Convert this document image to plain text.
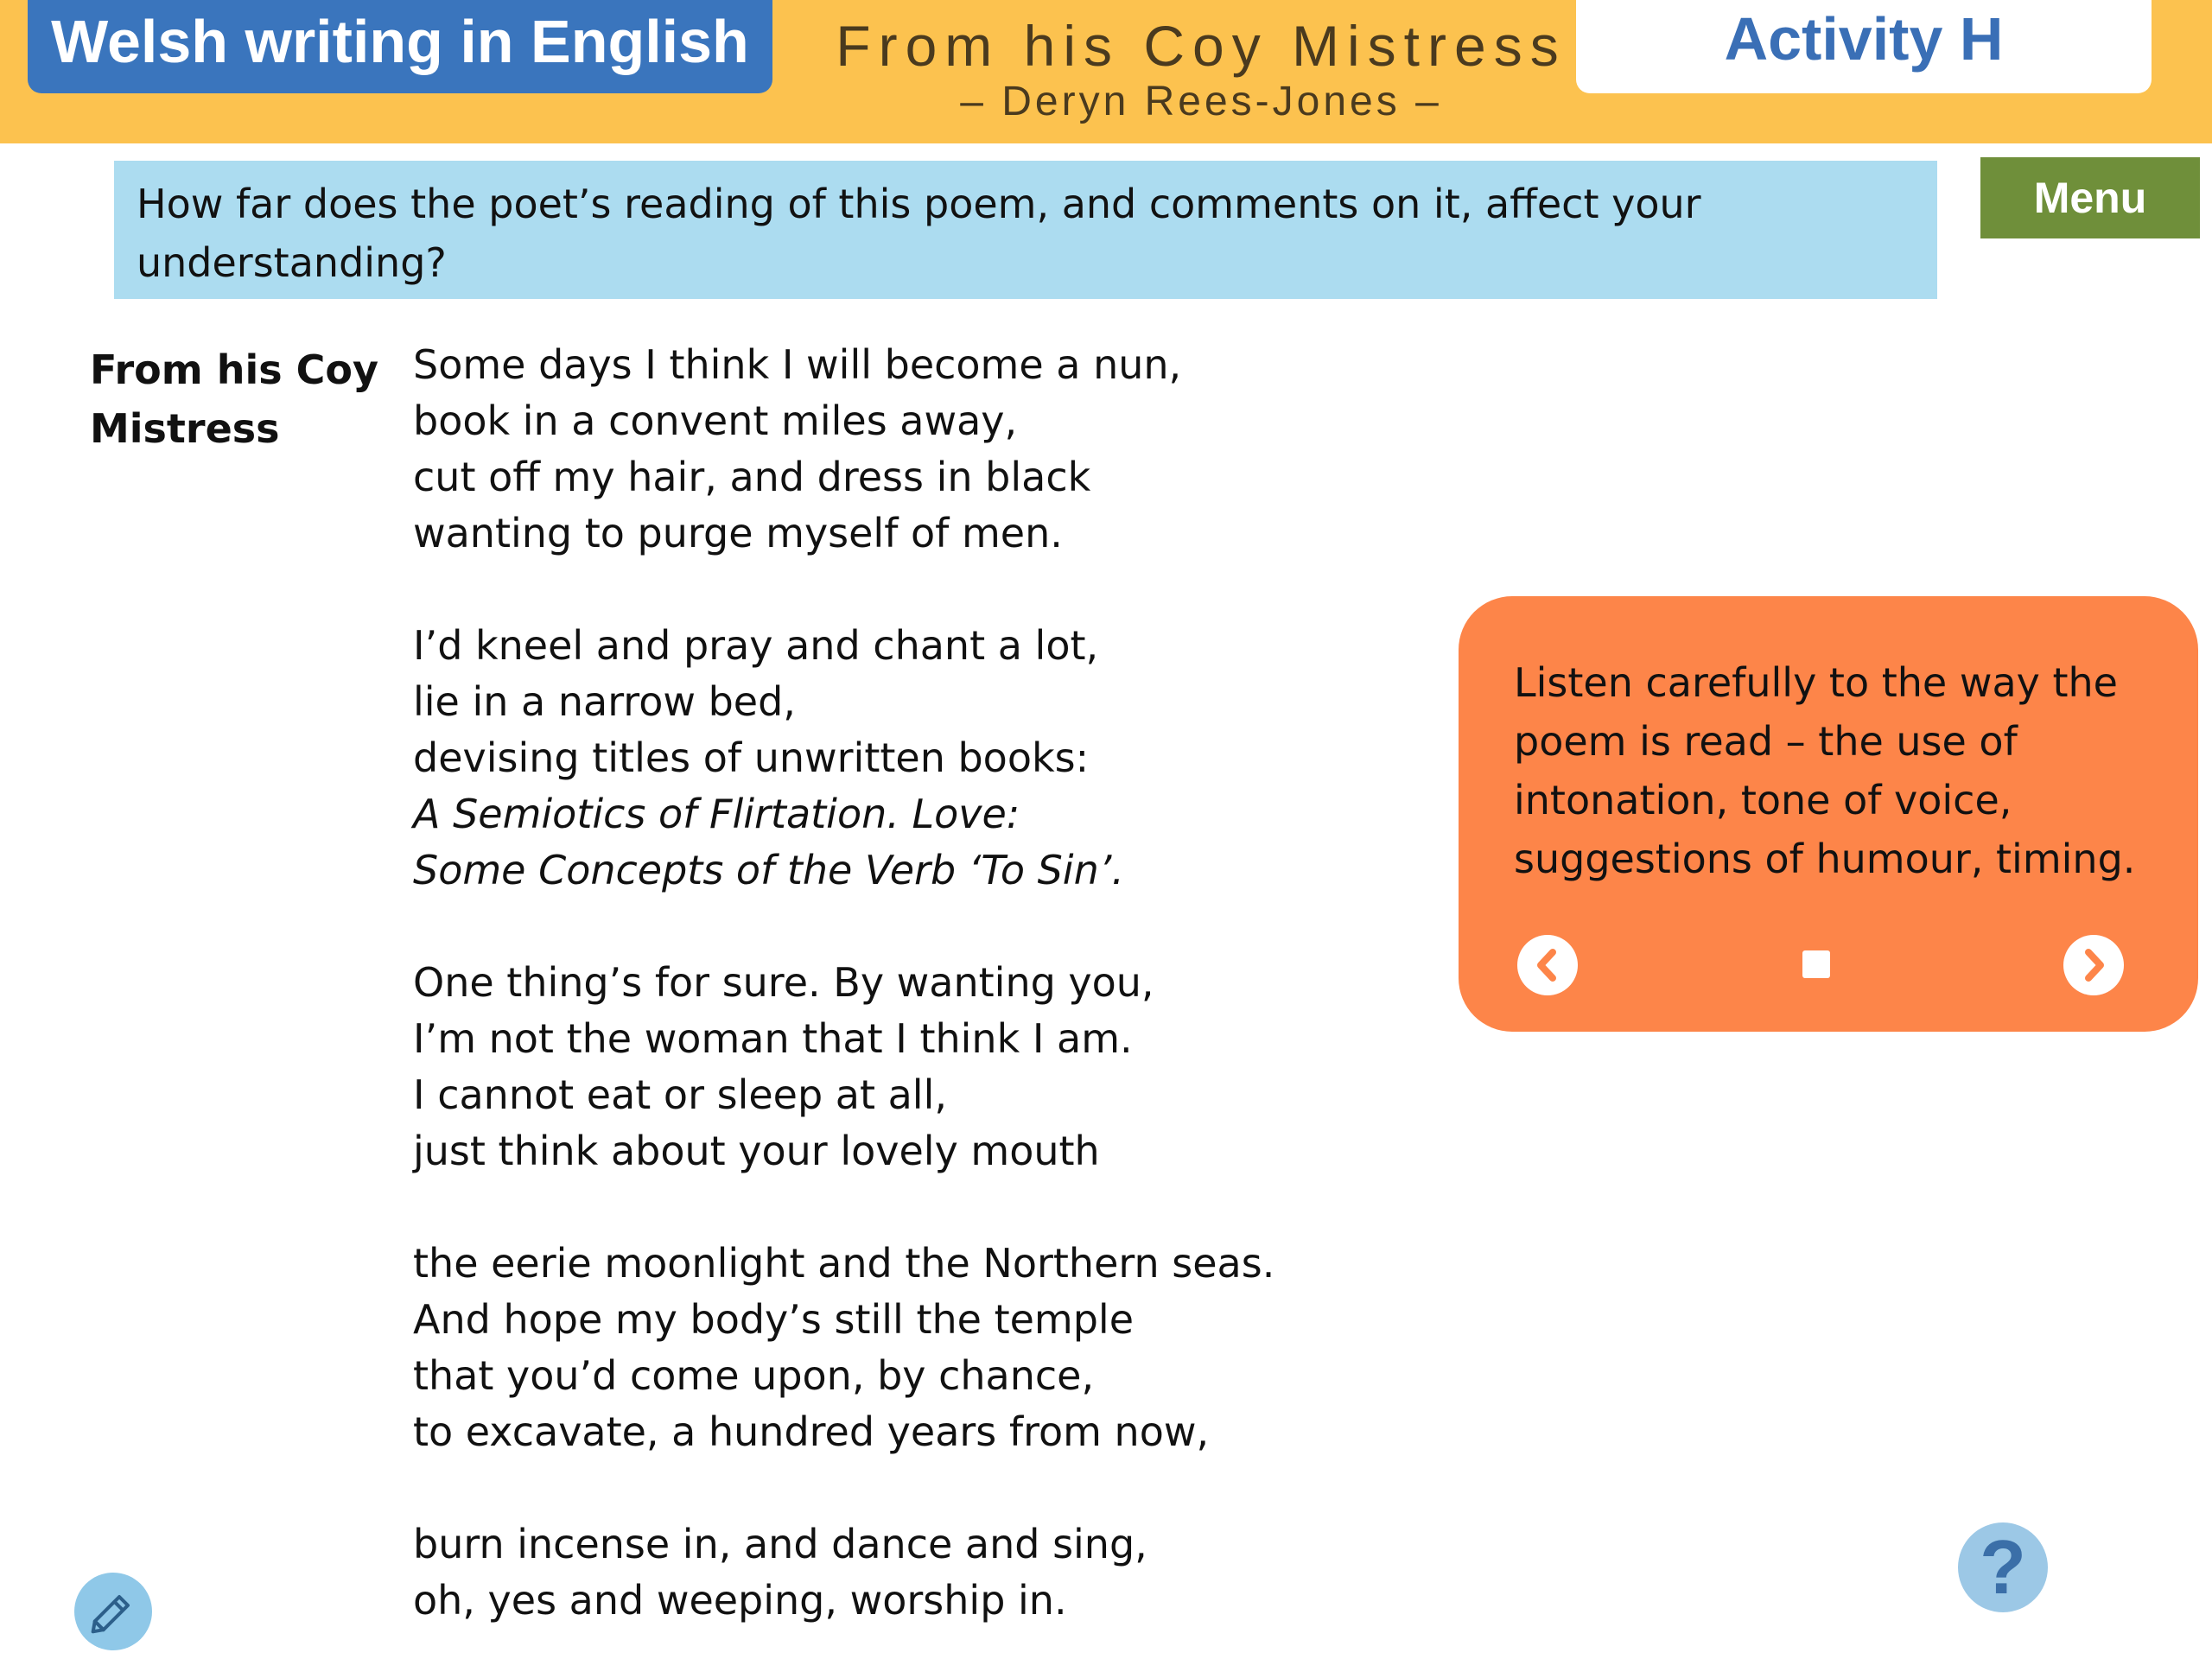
Welsh writing in English	From his Coy Mistress
– Deryn Rees-Jones –
Activity H
How far does the poet’s reading of this poem, and comments on it, affect your understanding?
Menu
From his Coy Mistress
Some days I think I will become a nun,
book in a convent miles away,
cut off my hair, and dress in black
wanting to purge myself of men.
I’d kneel and pray and chant a lot,
lie in a narrow bed,
devising titles of unwritten books:
A Semiotics of Flirtation. Love:
Some Concepts of the Verb ‘To Sin’.
One thing’s for sure. By wanting you,
I’m not the woman that I think I am.
I cannot eat or sleep at all,
just think about your lovely mouth
the eerie moonlight and the Northern seas.
And hope my body’s still the temple
that you’d come upon, by chance,
to excavate, a hundred years from now,
burn incense in, and dance and sing,
oh, yes and weeping, worship in.
Listen carefully to the way the poem is read – the use of intonation, tone of voice, suggestions of humour, timing.
?
